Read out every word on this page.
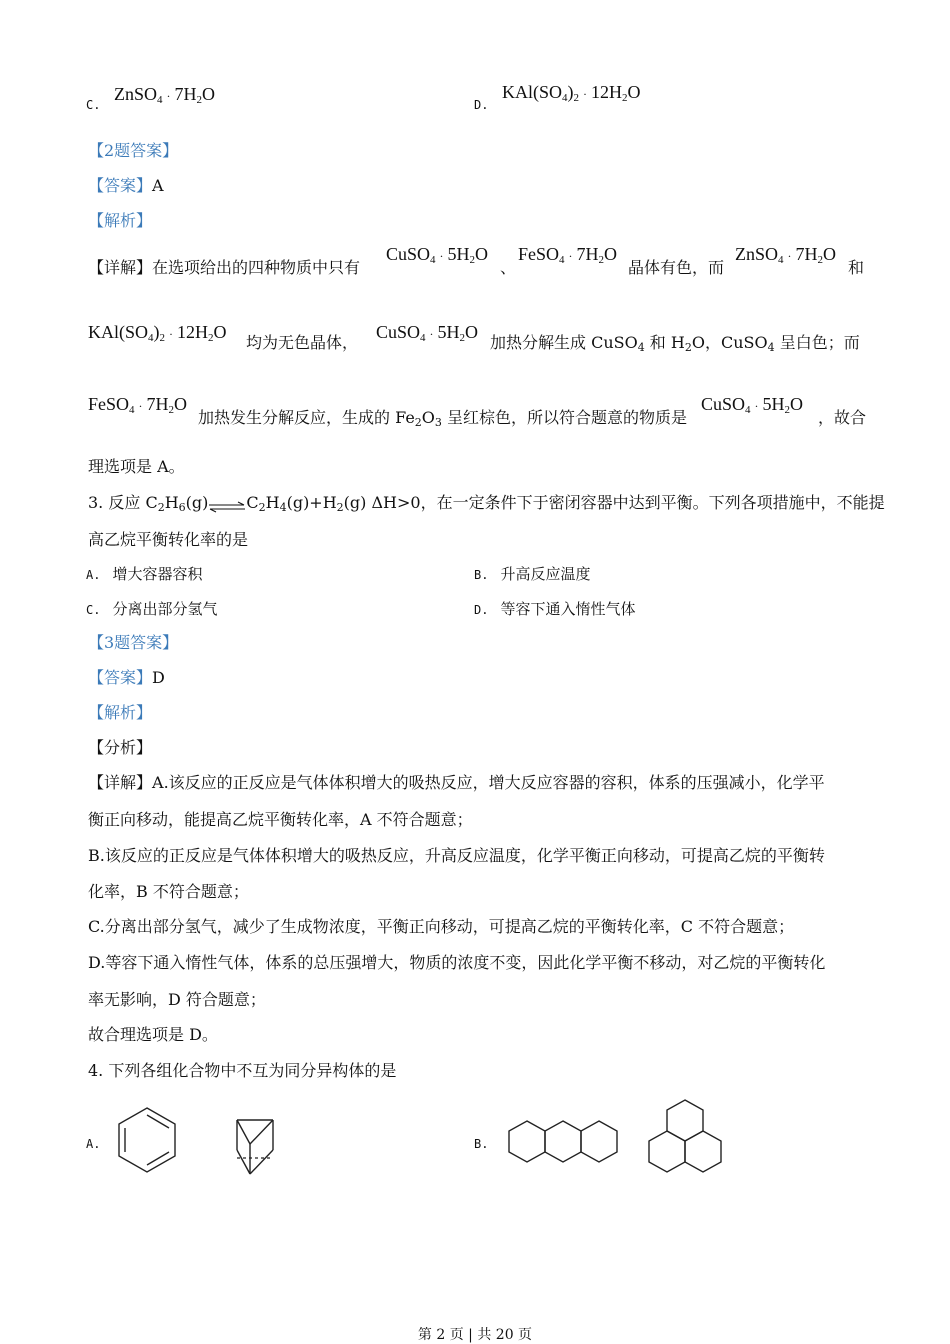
C.
ZnSO$_4$ · $7H_2O$
D.
$KAl(SO_4)_2 \cdot 12H_2O$
【2题答案】
【答案】A
【解析】
【详解】在选项给出的四种物质中只有
CuSO$_4$ · $5H_2O$
、
FeSO$_4$ · $7H_2O$
晶体有色，而
ZnSO$_4$ · $7H_2O$
和
$KAl(SO_4)_2 \cdot 12H_2O$
均为无色晶体，
CuSO$_4$ · $5H_2O$
加热分解生成 CuSO$_4$ 和 $H_2O$，CuSO$_4$ 呈白色；而
FeSO$_4$ · $7H_2O$
加热发生分解反应，生成的 $Fe_2O_3$ 呈红棕色，所以符合题意的物质是
CuSO$_4$ · $5H_2O$
，故合
理选项是 A。
3. 反应 $C_2H_6(g)\rightleftharpoons C_2H_4(g)+H_2(g)$ ΔH>0，在一定条件下于密闭容器中达到平衡。下列各项措施中，不能提
高乙烷平衡转化率的是
A. 增大容器容积	B. 升高反应温度
C. 分离出部分氢气	D. 等容下通入惰性气体
【3题答案】
【答案】D
【解析】
【分析】
【详解】A.该反应的正反应是气体体积增大的吸热反应，增大反应容器的容积，体系的压强减小，化学平
衡正向移动，能提高乙烷平衡转化率，A 不符合题意；
B.该反应的正反应是气体体积增大的吸热反应，升高反应温度，化学平衡正向移动，可提高乙烷的平衡转
化率，B 不符合题意；
C.分离出部分氢气，减少了生成物浓度，平衡正向移动，可提高乙烷的平衡转化率，C 不符合题意；
D.等容下通入惰性气体，体系的总压强增大，物质的浓度不变，因此化学平衡不移动，对乙烷的平衡转化
率无影响，D 符合题意；
故合理选项是 D。
4. 下列各组化合物中不互为同分异构体的是
A.	B.
第 2 页 | 共 20 页
